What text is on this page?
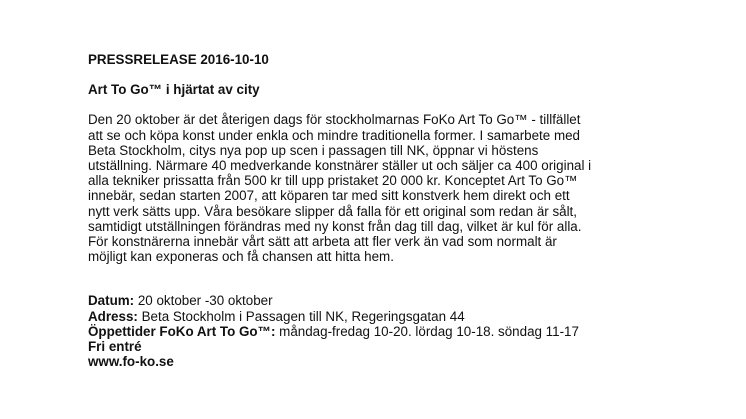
PRESSRELEASE 2016-10-10

Art To Go™ i hjärtat av city

Den 20 oktober är det återigen dags för stockholmarnas FoKo Art To Go™ - tillfället

att se och köpa konst under enkla och mindre traditionella former. I samarbete med

Beta Stockholm, citys nya pop up scen i passagen till NK, öppnar vi höstens

utställning. Närmare 40 medverkande konstnärer ställer ut och säljer ca 400 original i

alla tekniker prissatta från 500 kr till upp pristaket 20 000 kr. Konceptet Art To Go™

innebär, sedan starten 2007, att köparen tar med sitt konstverk hem direkt och ett

nytt verk sätts upp. Våra besökare slipper då falla för ett original som redan är sålt,

samtidigt utställningen förändras med ny konst från dag till dag, vilket är kul för alla.

För konstnärerna innebär vårt sätt att arbeta att fler verk än vad som normalt är

möjligt kan exponeras och få chansen att hitta hem.

Datum: 20 oktober -30 oktober
Adress: Beta Stockholm i Passagen till NK, Regeringsgatan 44
Öppettider FoKo Art To Go™: måndag-fredag 10-20. lördag 10-18. söndag 11-17
Fri entré
www.fo-ko.se
